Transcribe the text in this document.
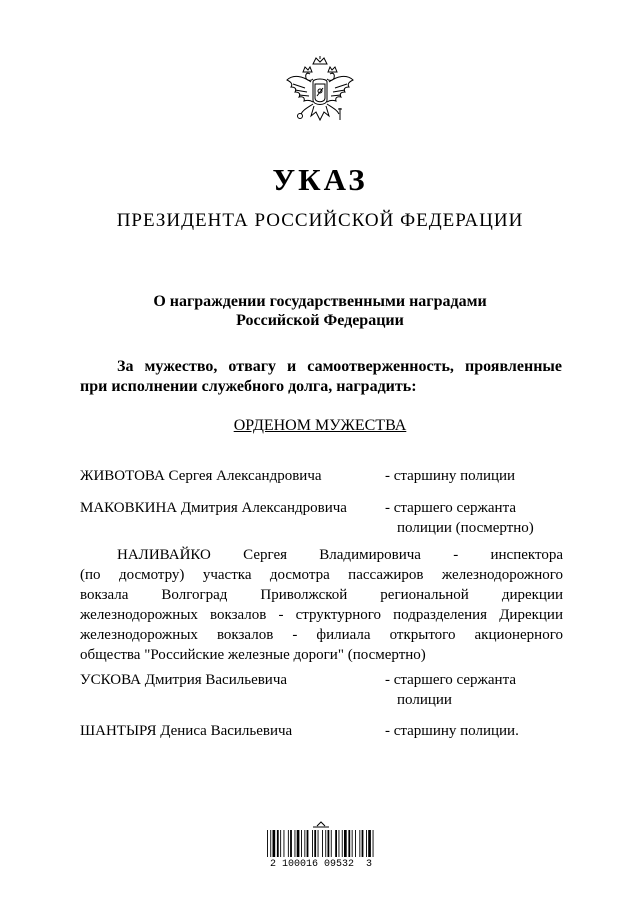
УКАЗ
ПРЕЗИДЕНТА РОССИЙСКОЙ ФЕДЕРАЦИИ
О награждении государственными наградами
Российской Федерации
За мужество, отвагу и самоотверженность, проявленные
при исполнении служебного долга, наградить:
ОРДЕНОМ МУЖЕСТВА
ЖИВОТОВА Сергея Александровича	- старшину полиции
МАКОВКИНА Дмитрия Александровича	- старшего сержанта
полиции (посмертно)
НАЛИВАЙКО Сергея Владимировича - инспектора
(по досмотру) участка досмотра пассажиров железнодорожного
вокзала Волгоград Приволжской региональной дирекции
железнодорожных вокзалов - структурного подразделения Дирекции
железнодорожных вокзалов - филиала открытого акционерного
общества "Российские железные дороги" (посмертно)
УСКОВА Дмитрия Васильевича	- старшего сержанта
полиции
ШАНТЫРЯ Дениса Васильевича	- старшину полиции.
2 100016 09532  3
